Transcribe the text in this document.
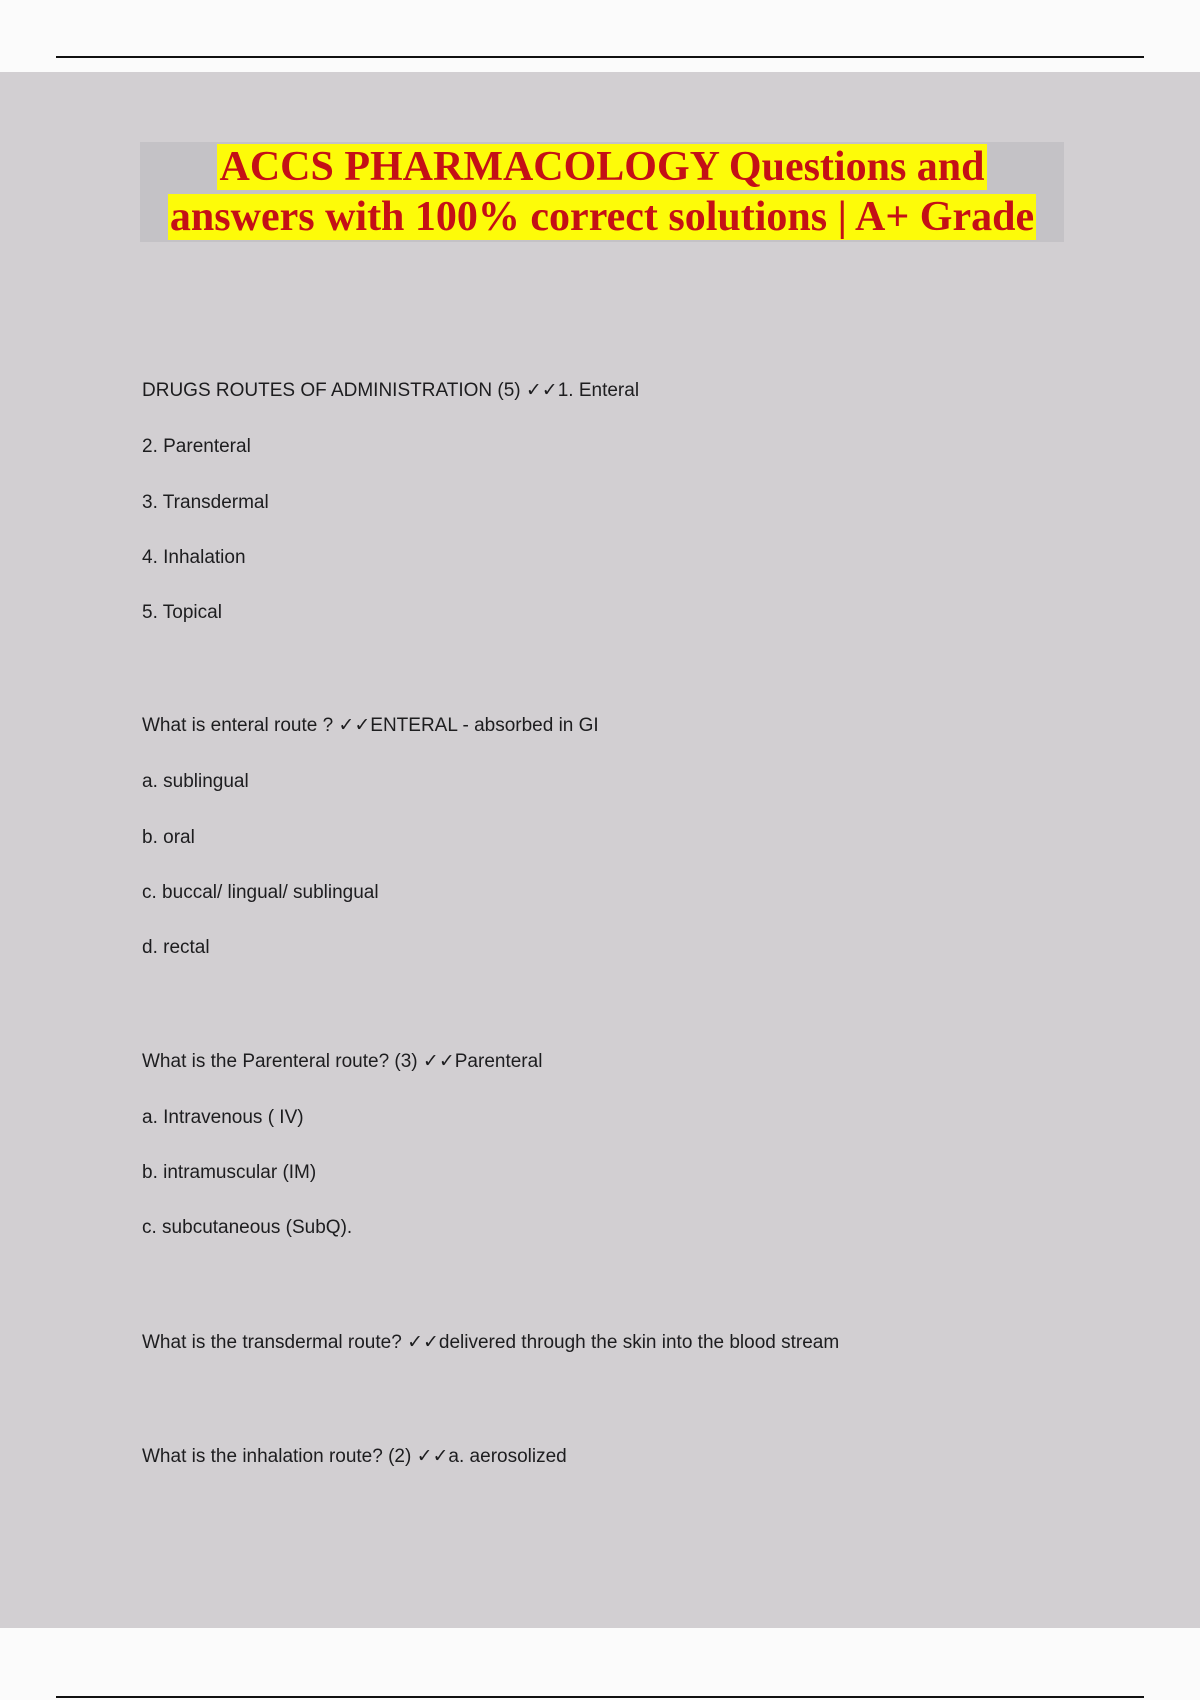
ACCS PHARMACOLOGY Questions and
answers with 100% correct solutions | A+ Grade

DRUGS ROUTES OF ADMINISTRATION (5) ✓✓1. Enteral

2. Parenteral

3. Transdermal

4. Inhalation

5. Topical

What is enteral route ? ✓✓ENTERAL - absorbed in GI

a. sublingual

b. oral

c. buccal/ lingual/ sublingual

d. rectal

What is the Parenteral route? (3) ✓✓Parenteral

a. Intravenous ( IV)

b. intramuscular (IM)

c. subcutaneous (SubQ).

What is the transdermal route? ✓✓delivered through the skin into the blood stream

What is the inhalation route? (2) ✓✓a. aerosolized
